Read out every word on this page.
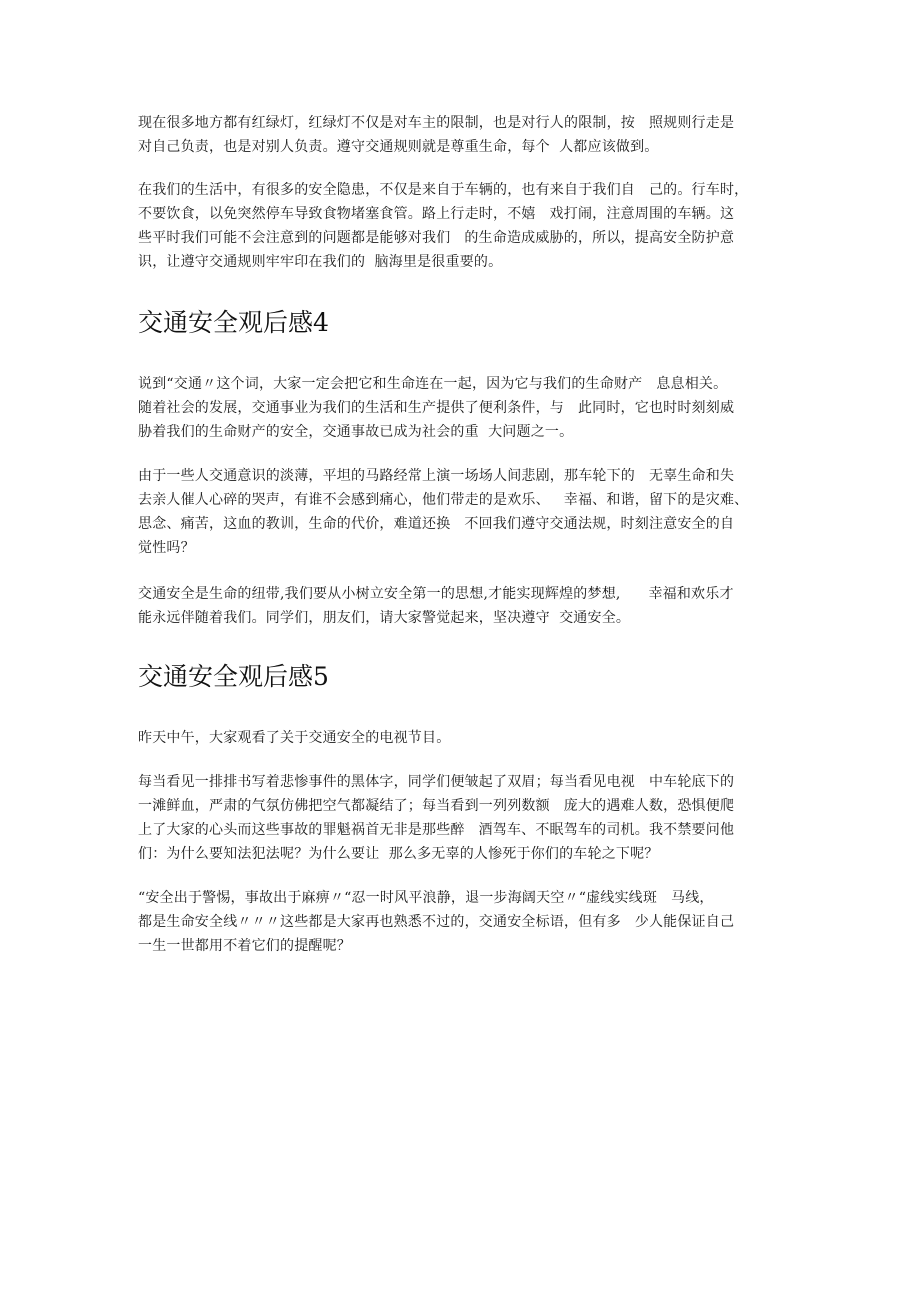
现在很多地方都有红绿灯，红绿灯不仅是对车主的限制，也是对行人的限制，按   照规则行走是
对自己负责，也是对别人负责。遵守交通规则就是尊重生命，每个  人都应该做到。
在我们的生活中，有很多的安全隐患，不仅是来自于车辆的，也有来自于我们自   己的。行车时，
不要饮食，以免突然停车导致食物堵塞食管。路上行走时，不嬉   戏打闹，注意周围的车辆。这
些平时我们可能不会注意到的问题都是能够对我们   的生命造成威胁的，所以，提高安全防护意
识，让遵守交通规则牢牢印在我们的  脑海里是很重要的。
交通安全观后感4
说到“交通〃这个词，大家一定会把它和生命连在一起，因为它与我们的生命财产   息息相关。
随着社会的发展，交通事业为我们的生活和生产提供了便利条件，与   此同时，它也时时刻刻威
胁着我们的生命财产的安全，交通事故已成为社会的重  大问题之一。
由于一些人交通意识的淡薄，平坦的马路经常上演一场场人间悲剧，那车轮下的   无辜生命和失
去亲人催人心碎的哭声，有谁不会感到痛心，他们带走的是欢乐、   幸福、和谐，留下的是灾难、
思念、痛苦，这血的教训，生命的代价，难道还换   不回我们遵守交通法规，时刻注意安全的自
觉性吗？
交通安全是生命的纽带,我们要从小树立安全第一的思想,才能实现辉煌的梦想,      幸福和欢乐才
能永远伴随着我们。同学们，朋友们，请大家警觉起来，坚决遵守  交通安全。
交通安全观后感5
昨天中午，大家观看了关于交通安全的电视节目。
每当看见一排排书写着悲惨事件的黑体字，同学们便皱起了双眉；每当看见电视   中车轮底下的
一滩鲜血，严肃的气氛仿佛把空气都凝结了；每当看到一列列数额   庞大的遇难人数，恐惧便爬
上了大家的心头而这些事故的罪魁祸首无非是那些醉   酒驾车、不眠驾车的司机。我不禁要问他
们：为什么要知法犯法呢？为什么要让  那么多无辜的人惨死于你们的车轮之下呢？
“安全出于警惕，事故出于麻痹〃“忍一时风平浪静，退一步海阔天空〃“虚线实线斑   马线，
都是生命安全线〃〃〃这些都是大家再也熟悉不过的，交通安全标语，但有多   少人能保证自己
一生一世都用不着它们的提醒呢？
